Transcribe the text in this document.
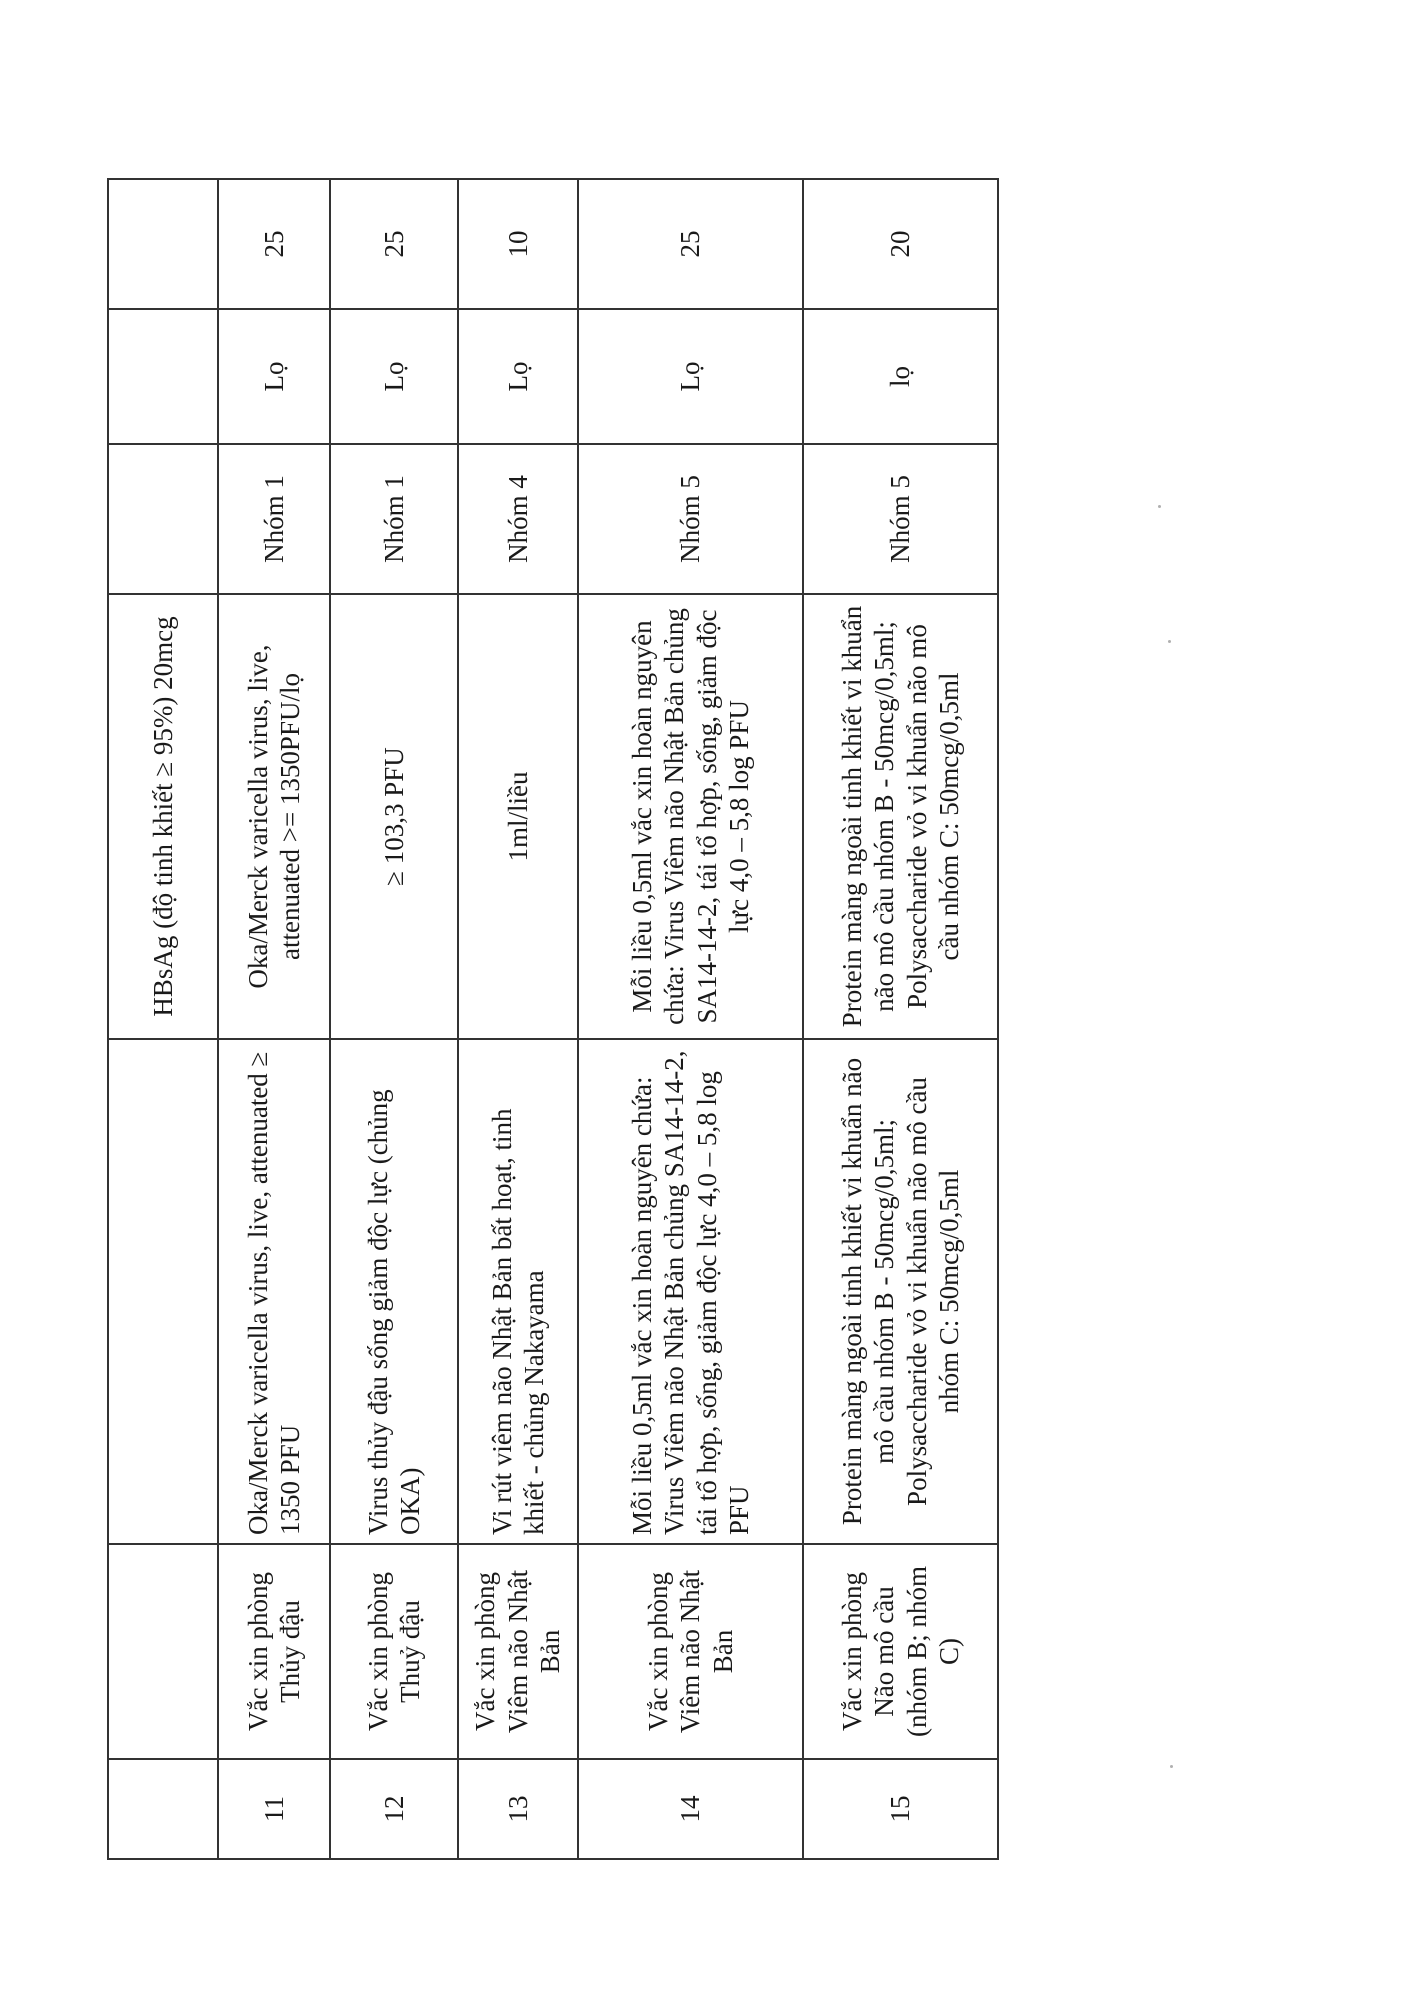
			HBsAg (độ tinh khiết ≥ 95%) 20mcg			
11	Vắc xin phòng Thủy đậu	Oka/Merck varicella virus, live, attenuated ≥ 1350 PFU	Oka/Merck varicella virus, live, attenuated >= 1350PFU/lọ	Nhóm 1	Lọ	25
12	Vắc xin phòng Thuỷ đậu	Virus thủy đậu sống giảm độc lực (chủng OKA)	≥ 103,3 PFU	Nhóm 1	Lọ	25
13	Vắc xin phòng Viêm não Nhật Bản	Vi rút viêm não Nhật Bản bất hoạt, tinh khiết - chủng Nakayama	1ml/liều	Nhóm 4	Lọ	10
14	Vắc xin phòng Viêm não Nhật Bản	Mỗi liều 0,5ml vắc xin hoàn nguyên chứa: Virus Viêm não Nhật Bản chủng SA14-14-2, tái tổ hợp, sống, giảm độc lực 4,0 – 5,8 log PFU	Mỗi liều 0,5ml vắc xin hoàn nguyên chứa: Virus Viêm não Nhật Bản chủng SA14-14-2, tái tổ hợp, sống, giảm độc lực 4,0 – 5,8 log PFU	Nhóm 5	Lọ	25
15	Vắc xin phòng Não mô cầu (nhóm B; nhóm C)	Protein màng ngoài tinh khiết vi khuẩn não mô cầu nhóm B - 50mcg/0,5ml; Polysaccharide vỏ vi khuẩn não mô cầu nhóm C: 50mcg/0,5ml	Protein màng ngoài tinh khiết vi khuẩn não mô cầu nhóm B - 50mcg/0,5ml; Polysaccharide vỏ vi khuẩn não mô cầu nhóm C: 50mcg/0,5ml	Nhóm 5	lọ	20
